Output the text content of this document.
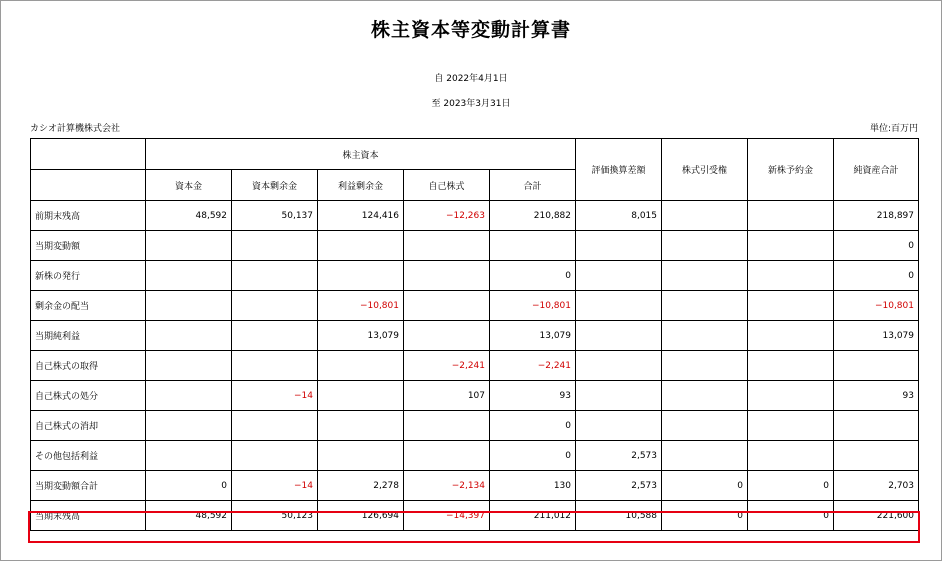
株主資本等変動計算書
自 2022年4月1日
至 2023年3月31日
カシオ計算機株式会社	単位:百万円
	株主資本					評価換算差額	株式引受権	新株予約金	純資産合計
	資本金	資本剰余金	利益剰余金	自己株式	合計				
前期末残高	48,592	50,137	124,416	−12,263	210,882	8,015			218,897
当期変動額									0
新株の発行					0				0
剰余金の配当			−10,801		−10,801				−10,801
当期純利益			13,079		13,079				13,079
自己株式の取得				−2,241	−2,241				
自己株式の処分		−14		107	93				93
自己株式の消却					0				
その他包括利益					0	2,573			
当期変動額合計	0	−14	2,278	−2,134	130	2,573	0	0	2,703
当期末残高	48,592	50,123	126,694	−14,397	211,012	10,588	0	0	221,600
